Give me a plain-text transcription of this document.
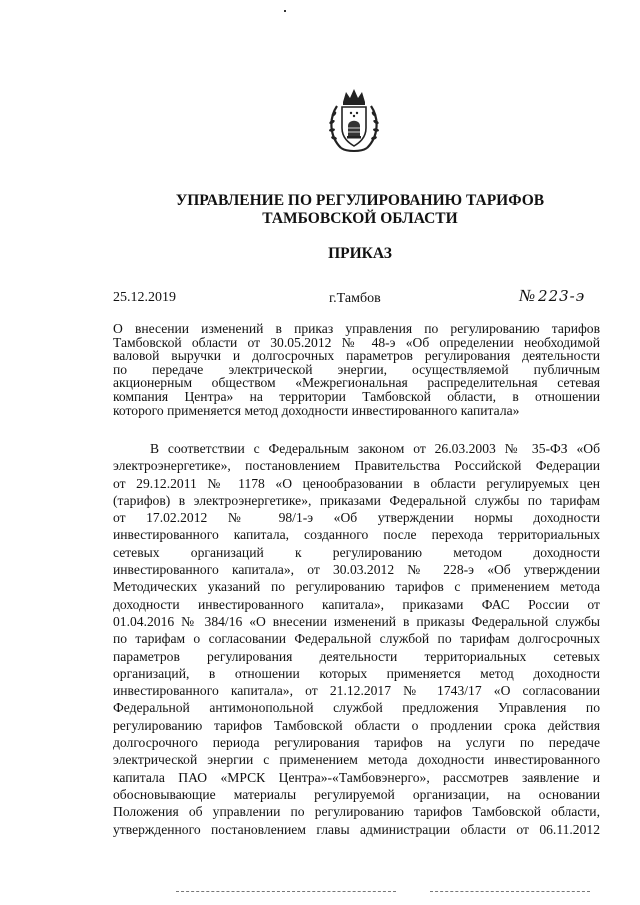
УПРАВЛЕНИЕ ПО РЕГУЛИРОВАНИЮ ТАРИФОВ
ТАМБОВСКОЙ ОБЛАСТИ
ПРИКАЗ
25.12.2019	г.Тамбов	№ 223-э
О внесении изменений в приказ управления по регулированию тарифов
Тамбовской области от 30.05.2012 № 48-э «Об определении необходимой
валовой выручки и долгосрочных параметров регулирования деятельности
по передаче электрической энергии, осуществляемой публичным
акционерным обществом «Межрегиональная распределительная сетевая
компания Центра» на территории Тамбовской области, в отношении
которого применяется метод доходности инвестированного капитала»
В соответствии с Федеральным законом от 26.03.2003 № 35-ФЗ «Об
электроэнергетике», постановлением Правительства Российской Федерации
от 29.12.2011 № 1178 «О ценообразовании в области регулируемых цен
(тарифов) в электроэнергетике», приказами Федеральной службы по тарифам
от 17.02.2012 № 98/1-э «Об утверждении нормы доходности
инвестированного капитала, созданного после перехода территориальных
сетевых организаций к регулированию методом доходности
инвестированного капитала», от 30.03.2012 № 228-э «Об утверждении
Методических указаний по регулированию тарифов с применением метода
доходности инвестированного капитала», приказами ФАС России от
01.04.2016 № 384/16 «О внесении изменений в приказы Федеральной службы
по тарифам о согласовании Федеральной службой по тарифам долгосрочных
параметров регулирования деятельности территориальных сетевых
организаций, в отношении которых применяется метод доходности
инвестированного капитала», от 21.12.2017 № 1743/17 «О согласовании
Федеральной антимонопольной службой предложения Управления по
регулированию тарифов Тамбовской области о продлении срока действия
долгосрочного периода регулирования тарифов на услуги по передаче
электрической энергии с применением метода доходности инвестированного
капитала ПАО «МРСК Центра»-«Тамбовэнерго», рассмотрев заявление и
обосновывающие материалы регулируемой организации, на основании
Положения об управлении по регулированию тарифов Тамбовской области,
утвержденного постановлением главы администрации области от 06.11.2012
